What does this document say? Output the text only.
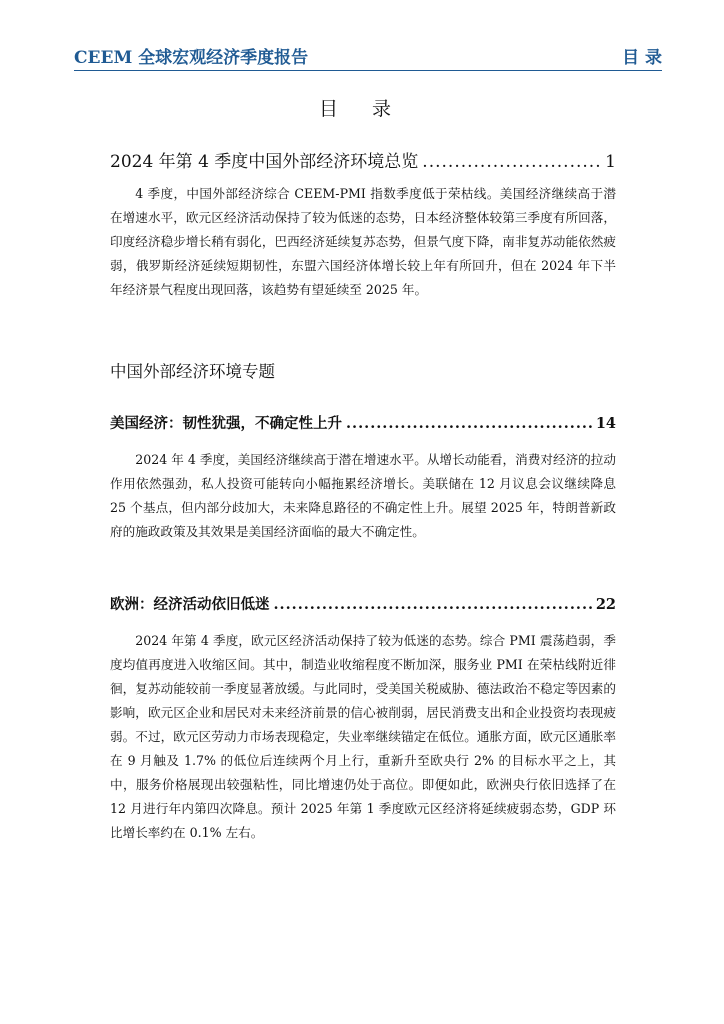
CEEM 全球宏观经济季度报告	目 录
目 录
2024 年第 4 季度中国外部经济环境总览 .....	1

4 季度，中国外部经济综合 CEEM-PMI 指数季度低于荣枯线。美国经济继续高于潜在增速水平，欧元区经济活动保持了较为低迷的态势，日本经济整体较第三季度有所回落，印度经济稳步增长稍有弱化，巴西经济延续复苏态势，但景气度下降，南非复苏动能依然疲弱，俄罗斯经济延续短期韧性，东盟六国经济体增长较上年有所回升，但在 2024 年下半年经济景气程度出现回落，该趋势有望延续至 2025 年。

中国外部经济环境专题
美国经济：韧性犹强，不确定性上升 .....	14

2024 年 4 季度，美国经济继续高于潜在增速水平。从增长动能看，消费对经济的拉动作用依然强劲，私人投资可能转向小幅拖累经济增长。美联储在 12 月议息会议继续降息 25 个基点，但内部分歧加大，未来降息路径的不确定性上升。展望 2025 年，特朗普新政府的施政政策及其效果是美国经济面临的最大不确定性。

欧洲：经济活动依旧低迷 .....	22

2024 年第 4 季度，欧元区经济活动保持了较为低迷的态势。综合 PMI 震荡趋弱，季度均值再度进入收缩区间。其中，制造业收缩程度不断加深，服务业 PMI 在荣枯线附近徘徊，复苏动能较前一季度显著放缓。与此同时，受美国关税威胁、德法政治不稳定等因素的影响，欧元区企业和居民对未来经济前景的信心被削弱，居民消费支出和企业投资均表现疲弱。不过，欧元区劳动力市场表现稳定，失业率继续锚定在低位。通胀方面，欧元区通胀率在 9 月触及 1.7% 的低位后连续两个月上行，重新升至欧央行 2% 的目标水平之上，其中，服务价格展现出较强粘性，同比增速仍处于高位。即便如此，欧洲央行依旧选择了在 12 月进行年内第四次降息。预计 2025 年第 1 季度欧元区经济将延续疲弱态势，GDP 环比增长率约在 0.1% 左右。
